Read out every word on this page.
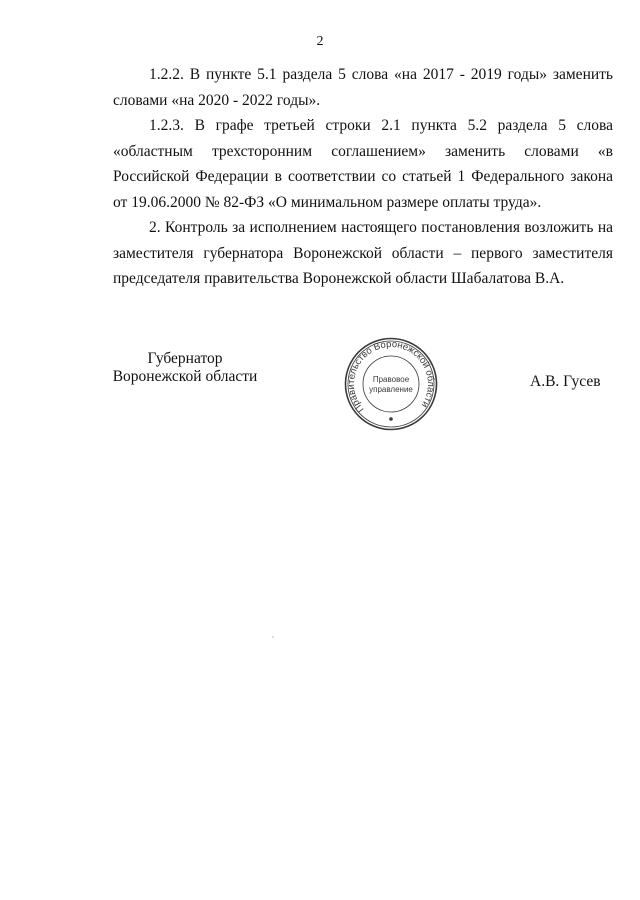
2

1.2.2. В пункте 5.1 раздела 5 слова «на 2017 - 2019 годы» заменить словами «на 2020 - 2022 годы».

1.2.3. В графе третьей строки 2.1 пункта 5.2 раздела 5 слова «областным трехсторонним соглашением» заменить словами «в Российской Федерации в соответствии со статьей 1 Федерального закона от 19.06.2000 № 82-ФЗ «О минимальном размере оплаты труда».

2. Контроль за исполнением настоящего постановления возложить на заместителя губернатора Воронежской области – первого заместителя председателя правительства Воронежской области Шабалатова В.А.

Губернатор
Воронежской области
Правительство Воронежской области
Правовое
управление	А.В. Гусев
